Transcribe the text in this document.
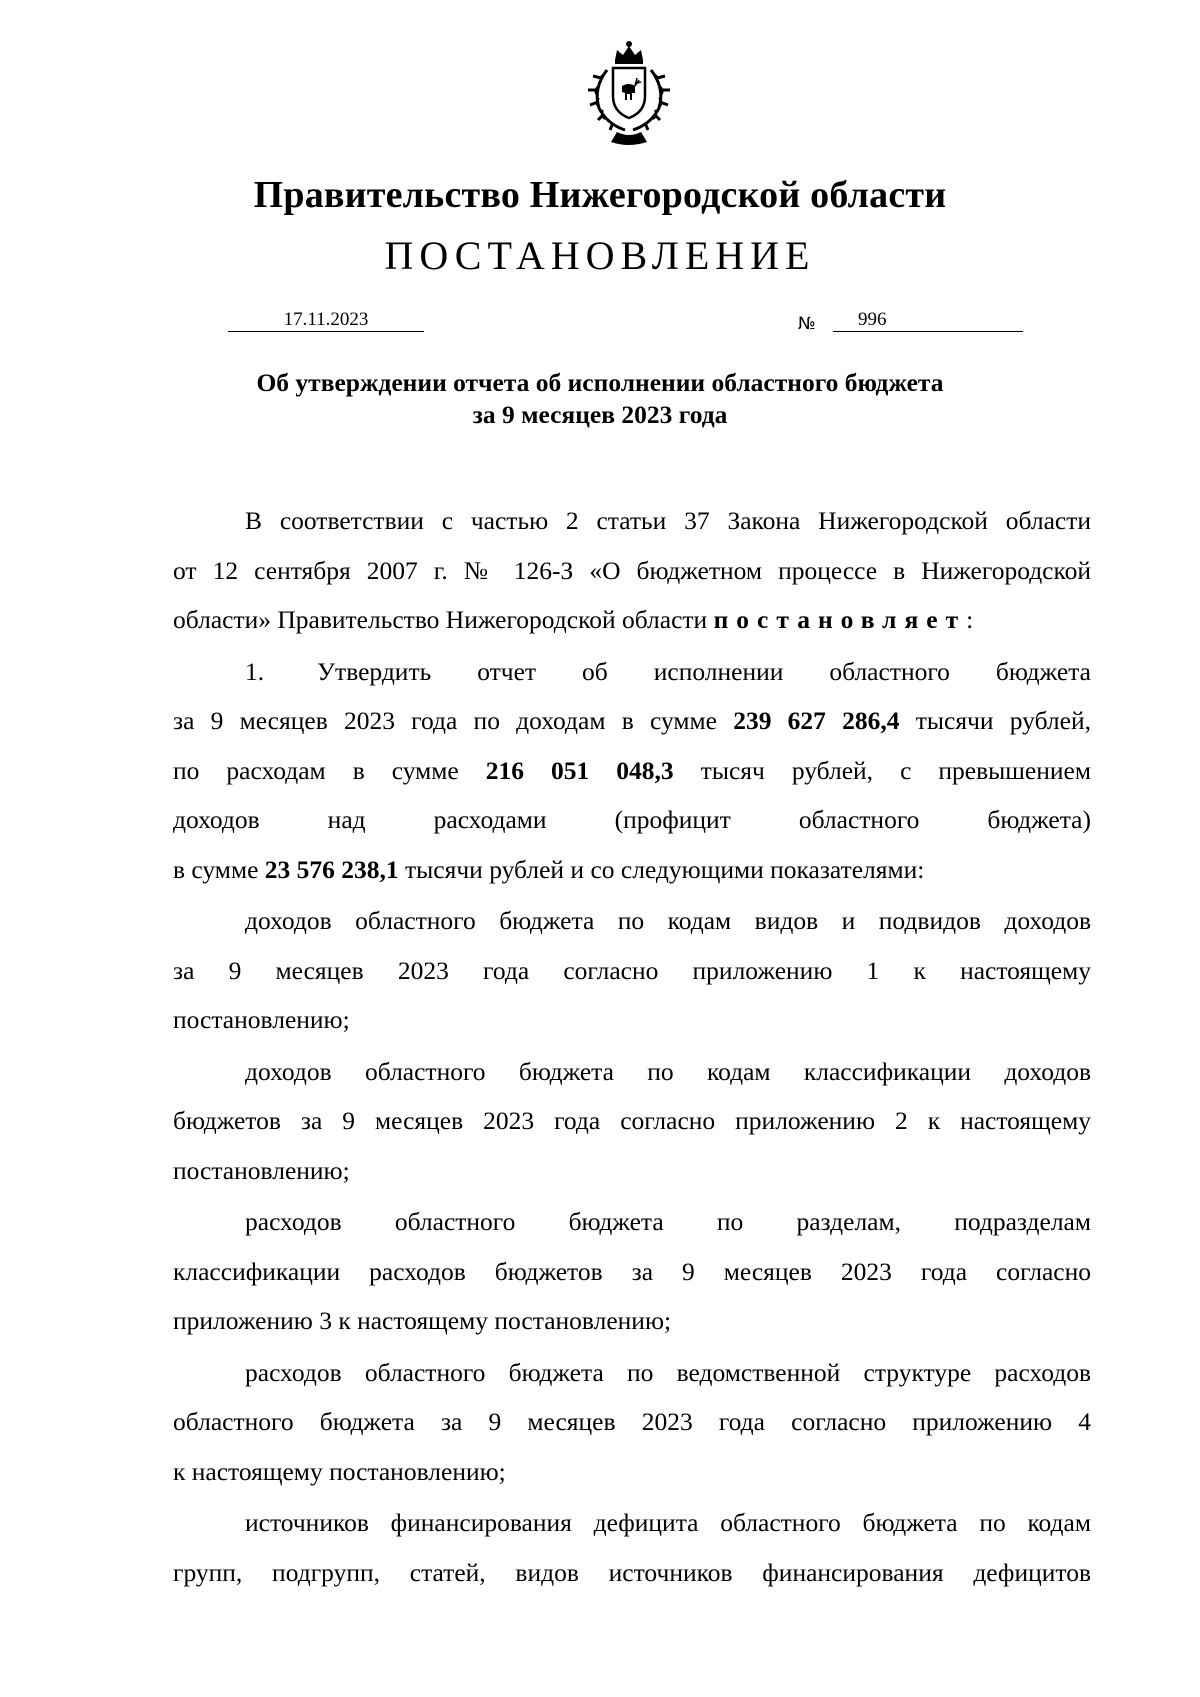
Правительство Нижегородской области
ПОСТАНОВЛЕНИЕ
17.11.2023	№ 996
Об утверждении отчета об исполнении областного бюджета
за 9 месяцев 2023 года
В соответствии с частью 2 статьи 37 Закона Нижегородской области
от 12 сентября 2007 г. № 126-З «О бюджетном процессе в Нижегородской
области» Правительство Нижегородской области постановляет:
1. Утвердить отчет об исполнении областного бюджета
за 9 месяцев 2023 года по доходам в сумме 239 627 286,4 тысячи рублей,
по расходам в сумме 216 051 048,3 тысяч рублей, с превышением
доходов над расходами (профицит областного бюджета)
в сумме 23 576 238,1 тысячи рублей и со следующими показателями:
доходов областного бюджета по кодам видов и подвидов доходов
за 9 месяцев 2023 года согласно приложению 1 к настоящему
постановлению;
доходов областного бюджета по кодам классификации доходов
бюджетов за 9 месяцев 2023 года согласно приложению 2 к настоящему
постановлению;
расходов областного бюджета по разделам, подразделам
классификации расходов бюджетов за 9 месяцев 2023 года согласно
приложению 3 к настоящему постановлению;
расходов областного бюджета по ведомственной структуре расходов
областного бюджета за 9 месяцев 2023 года согласно приложению 4
к настоящему постановлению;
источников финансирования дефицита областного бюджета по кодам
групп, подгрупп, статей, видов источников финансирования дефицитов
